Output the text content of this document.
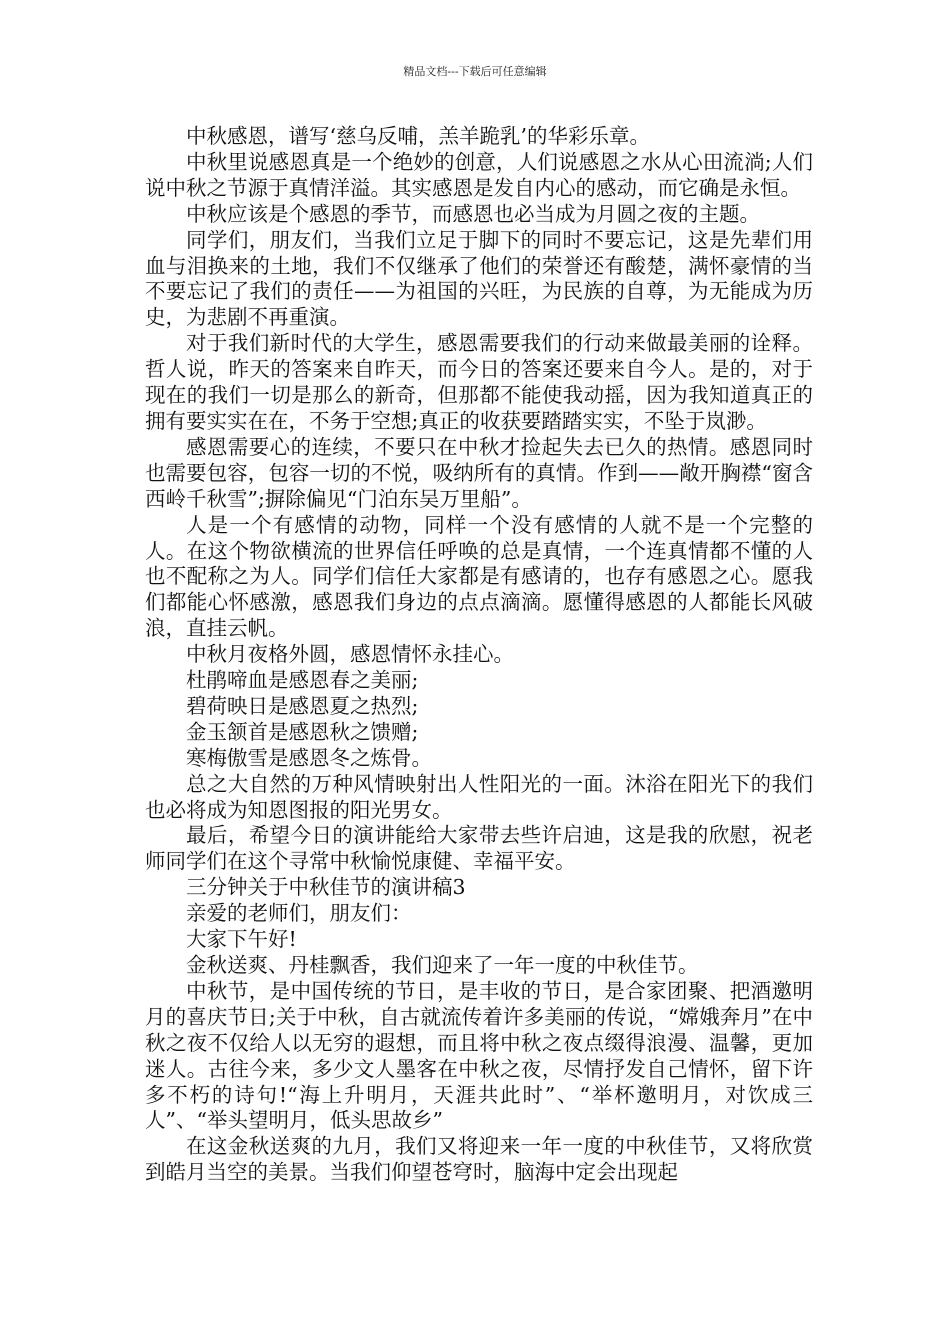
精品文档---下载后可任意编辑

中秋感恩，谱写‘慈乌反哺，羔羊跪乳’的华彩乐章。

中秋里说感恩真是一个绝妙的创意，人们说感恩之水从心田流淌;人们说中秋之节源于真情洋溢。其实感恩是发自内心的感动，而它确是永恒。

中秋应该是个感恩的季节，而感恩也必当成为月圆之夜的主题。

同学们，朋友们，当我们立足于脚下的同时不要忘记，这是先辈们用血与泪换来的土地，我们不仅继承了他们的荣誉还有酸楚，满怀豪情的当不要忘记了我们的责任——为祖国的兴旺，为民族的自尊，为无能成为历史，为悲剧不再重演。

对于我们新时代的大学生，感恩需要我们的行动来做最美丽的诠释。哲人说，昨天的答案来自昨天，而今日的答案还要来自今人。是的，对于现在的我们一切是那么的新奇，但那都不能使我动摇，因为我知道真正的拥有要实实在在，不务于空想;真正的收获要踏踏实实，不坠于岚渺。

感恩需要心的连续，不要只在中秋才捡起失去已久的热情。感恩同时也需要包容，包容一切的不悦，吸纳所有的真情。作到——敞开胸襟“窗含西岭千秋雪”;摒除偏见“门泊东吴万里船”。

人是一个有感情的动物，同样一个没有感情的人就不是一个完整的人。在这个物欲横流的世界信任呼唤的总是真情，一个连真情都不懂的人也不配称之为人。同学们信任大家都是有感请的，也存有感恩之心。愿我们都能心怀感激，感恩我们身边的点点滴滴。愿懂得感恩的人都能长风破浪，直挂云帆。

中秋月夜格外圆，感恩情怀永挂心。

杜鹃啼血是感恩春之美丽;

碧荷映日是感恩夏之热烈;

金玉颔首是感恩秋之馈赠;

寒梅傲雪是感恩冬之炼骨。

总之大自然的万种风情映射出人性阳光的一面。沐浴在阳光下的我们也必将成为知恩图报的阳光男女。

最后，希望今日的演讲能给大家带去些许启迪，这是我的欣慰，祝老师同学们在这个寻常中秋愉悦康健、幸福平安。

三分钟关于中秋佳节的演讲稿3

亲爱的老师们，朋友们：

大家下午好!

金秋送爽、丹桂飘香，我们迎来了一年一度的中秋佳节。

中秋节，是中国传统的节日，是丰收的节日，是合家团聚、把酒邀明月的喜庆节日;关于中秋，自古就流传着许多美丽的传说，“嫦娥奔月”在中秋之夜不仅给人以无穷的遐想，而且将中秋之夜点缀得浪漫、温馨，更加迷人。古往今来，多少文人墨客在中秋之夜，尽情抒发自己情怀，留下许多不朽的诗句!“海上升明月，天涯共此时”、“举杯邀明月，对饮成三人”、“举头望明月，低头思故乡”

在这金秋送爽的九月，我们又将迎来一年一度的中秋佳节，又将欣赏到皓月当空的美景。当我们仰望苍穹时，脑海中定会出现起
